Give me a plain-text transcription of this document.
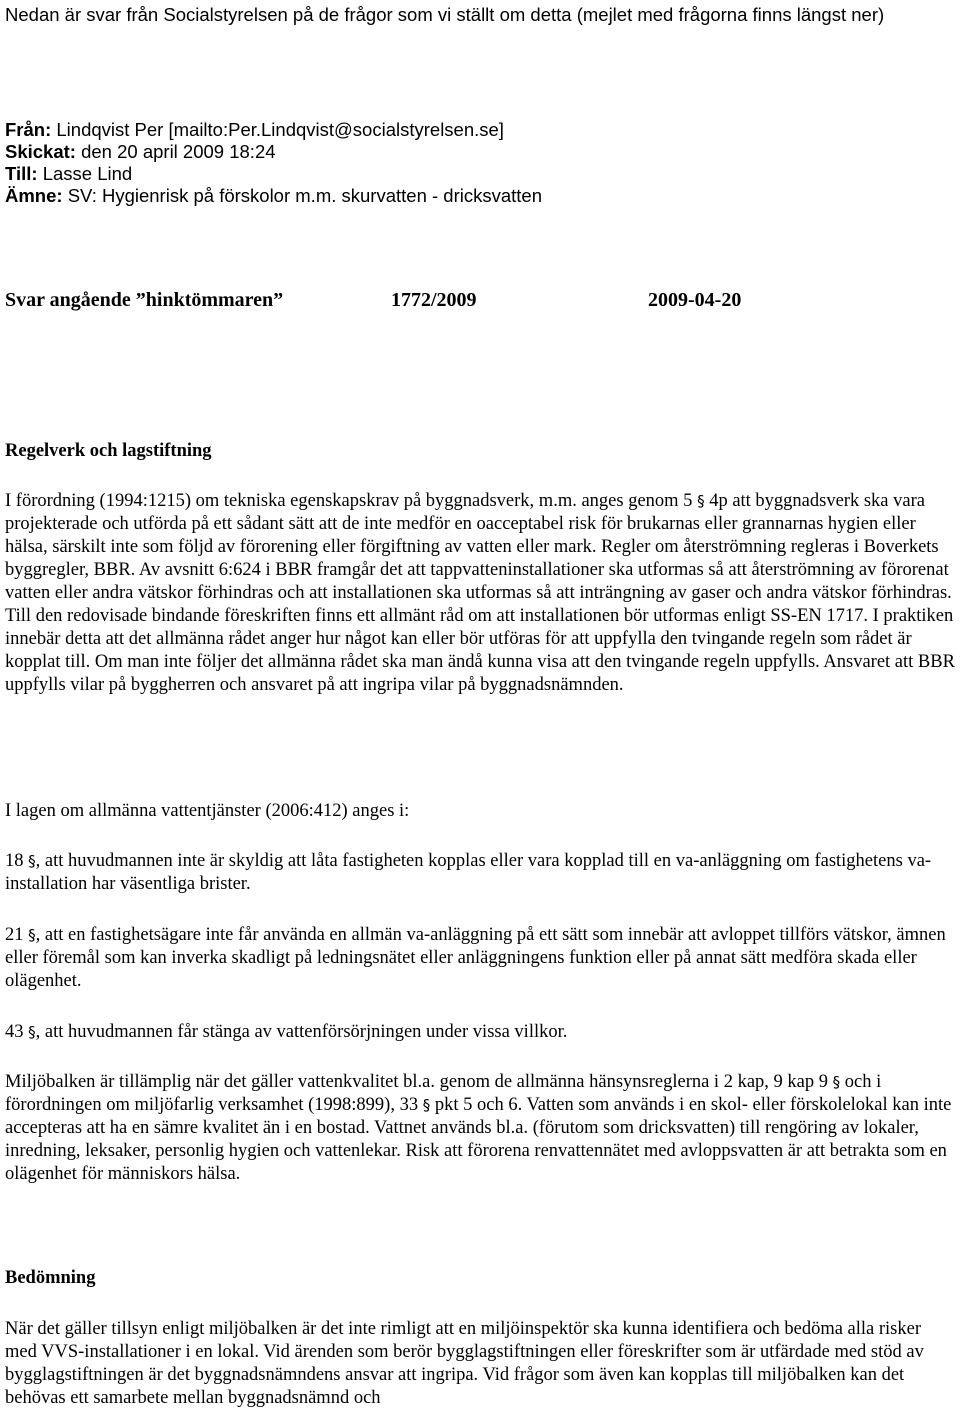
Nedan är svar från Socialstyrelsen på de frågor som vi ställt om detta (mejlet med frågorna finns längst ner)

Från: Lindqvist Per [mailto:Per.Lindqvist@socialstyrelsen.se]

Skickat: den 20 april 2009 18:24

Till: Lasse Lind

Ämne: SV: Hygienrisk på förskolor m.m. skurvatten - dricksvatten

Svar angående ”hinktömmaren”	1772/2009	2009-04-20

Regelverk och lagstiftning

I förordning (1994:1215) om tekniska egenskapskrav på byggnadsverk, m.m. anges genom 5 § 4p att byggnadsverk ska vara projekterade och utförda på ett sådant sätt att de inte medför en oacceptabel risk för brukarnas eller grannarnas hygien eller hälsa, särskilt inte som följd av förorening eller förgiftning av vatten eller mark. Regler om återströmning regleras i Boverkets byggregler, BBR. Av avsnitt 6:624 i BBR framgår det att tappvatteninstallationer ska utformas så att återströmning av förorenat vatten eller andra vätskor förhindras och att installationen ska utformas så att inträngning av gaser och andra vätskor förhindras. Till den redovisade bindande föreskriften finns ett allmänt råd om att installationen bör utformas enligt SS-EN 1717. I praktiken innebär detta att det allmänna rådet anger hur något kan eller bör utföras för att uppfylla den tvingande regeln som rådet är kopplat till. Om man inte följer det allmänna rådet ska man ändå kunna visa att den tvingande regeln uppfylls. Ansvaret att BBR uppfylls vilar på byggherren och ansvaret på att ingripa vilar på byggnadsnämnden.

I lagen om allmänna vattentjänster (2006:412) anges i:

18 §, att huvudmannen inte är skyldig att låta fastigheten kopplas eller vara kopplad till en va-anläggning om fastighetens va-installation har väsentliga brister.

21 §, att en fastighetsägare inte får använda en allmän va-anläggning på ett sätt som innebär att avloppet tillförs vätskor, ämnen eller föremål som kan inverka skadligt på ledningsnätet eller anläggningens funktion eller på annat sätt medföra skada eller olägenhet.

43 §, att huvudmannen får stänga av vattenförsörjningen under vissa villkor.

Miljöbalken är tillämplig när det gäller vattenkvalitet bl.a. genom de allmänna hänsynsreglerna i 2 kap, 9 kap 9 § och i förordningen om miljöfarlig verksamhet (1998:899), 33 § pkt 5 och 6. Vatten som används i en skol- eller förskolelokal kan inte accepteras att ha en sämre kvalitet än i en bostad. Vattnet används bl.a. (förutom som dricksvatten) till rengöring av lokaler, inredning, leksaker, personlig hygien och vattenlekar. Risk att förorena renvattennätet med avloppsvatten är att betrakta som en olägenhet för människors hälsa.

Bedömning

När det gäller tillsyn enligt miljöbalken är det inte rimligt att en miljöinspektör ska kunna identifiera och bedöma alla risker med VVS-installationer i en lokal. Vid ärenden som berör bygglagstiftningen eller föreskrifter som är utfärdade med stöd av bygglagstiftningen är det byggnadsnämndens ansvar att ingripa. Vid frågor som även kan kopplas till miljöbalken kan det behövas ett samarbete mellan byggnadsnämnd och
